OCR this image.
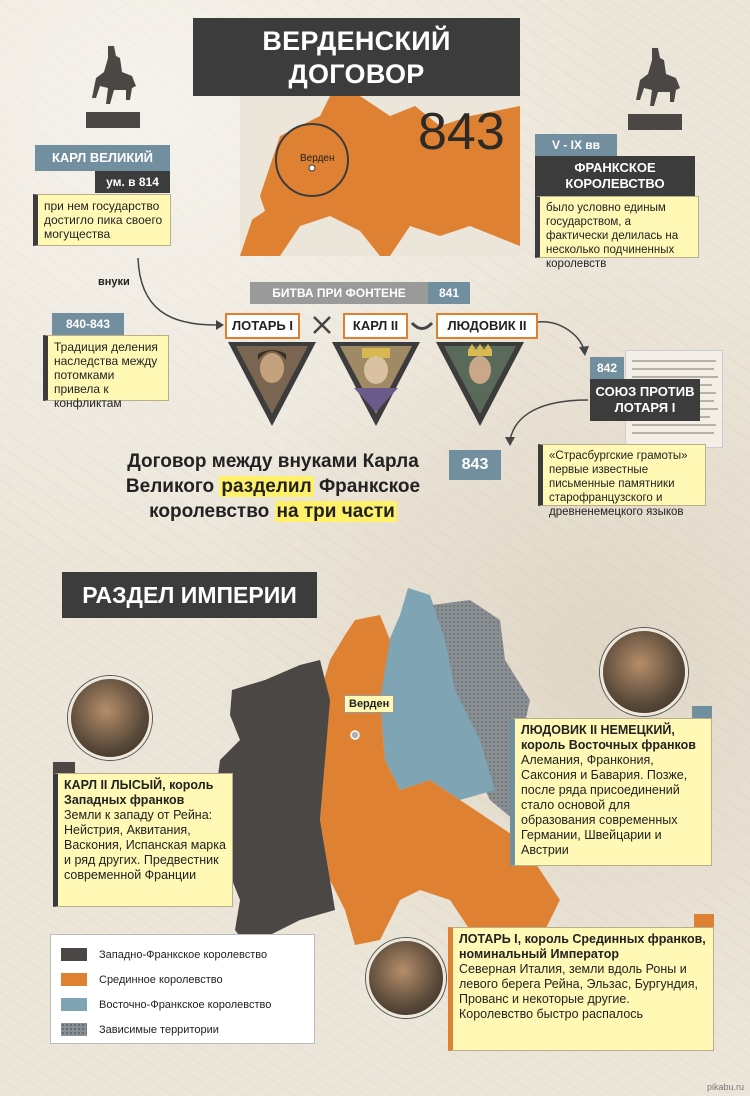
ВЕРДЕНСКИЙ ДОГОВОР
843
Верден
КАРЛ ВЕЛИКИЙ
ум. в 814
при нем государство достигло пика своего могущества
внуки
V - IX вв
ФРАНКСКОЕ КОРОЛЕВСТВО
было условно единым государством, а фактически делилась на несколько подчиненных королевств
840-843
Традиция деления наследства между потомками привела к конфликтам
БИТВА ПРИ ФОНТЕНЕ	841
ЛОТАРЬ I	КАРЛ II	ЛЮДОВИК II
842
СОЮЗ ПРОТИВ ЛОТАРЯ I
«Страсбургские грамоты» первые известные письменные памятники старофранцузского и древненемецкого языков
Договор между внуками Карла Великого разделил Франкское королевство на три части
843
РАЗДЕЛ ИМПЕРИИ
Верден
КАРЛ II ЛЫСЫЙ, король Западных франков
Земли к западу от Рейна: Нейстрия, Аквитания, Васкония, Испанская марка и ряд других. Предвестник современной Франции
ЛЮДОВИК II НЕМЕЦКИЙ, король Восточных франков
Алемания, Франкония, Саксония и Бавария. Позже, после ряда присоединений стало основой для образования современных Германии, Швейцарии и Австрии
ЛОТАРЬ I, король Срединных франков, номинальный Император
Северная Италия, земли вдоль Роны и левого берега Рейна, Эльзас, Бургундия, Прованс и некоторые другие. Королевство быстро распалось
Западно-Франкское королевство
Срединное королевство
Восточно-Франкское королевство
Зависимые территории
pikabu.ru
